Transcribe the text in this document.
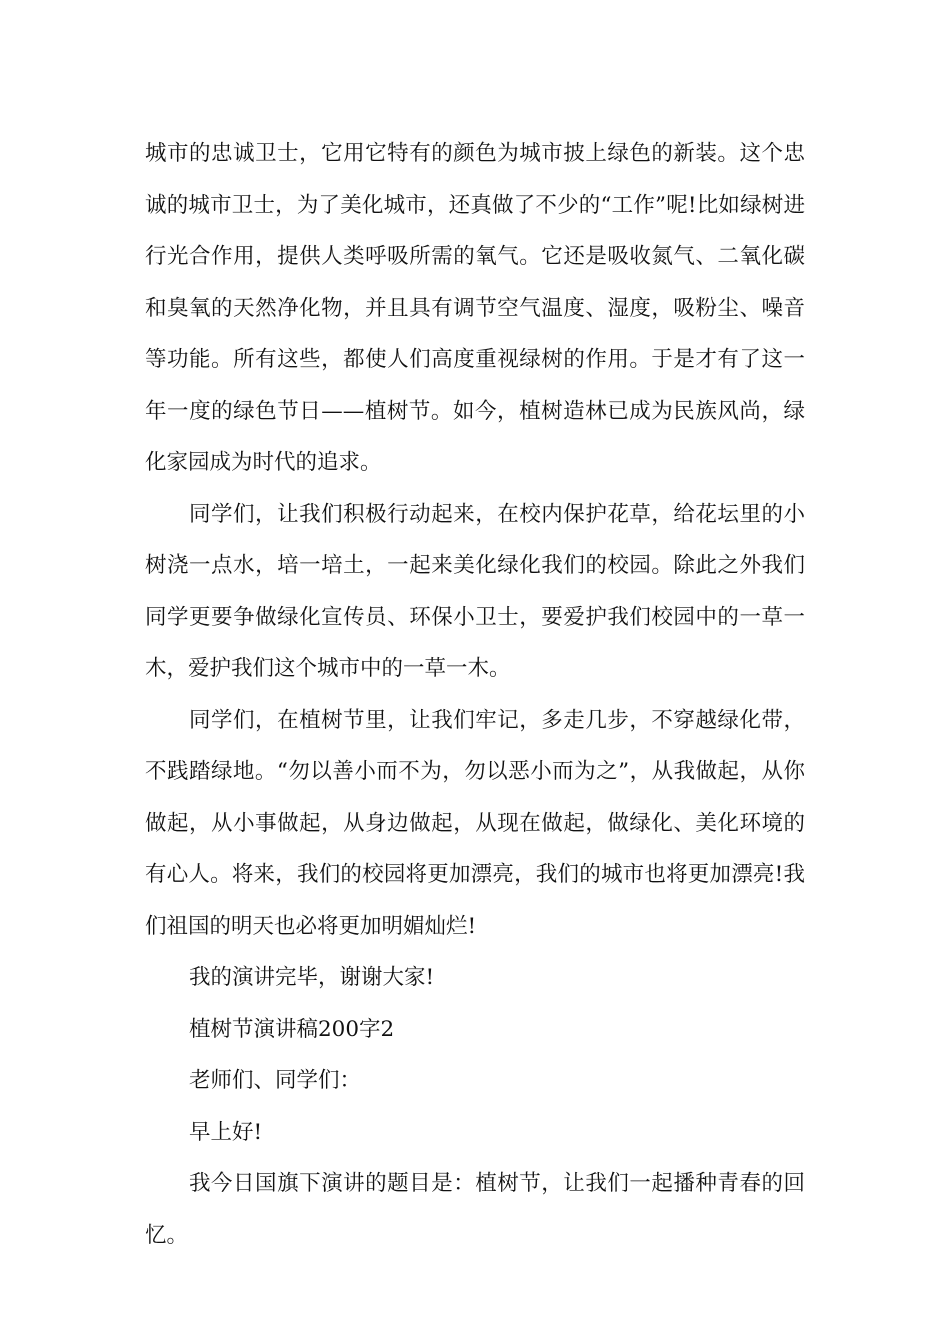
城市的忠诚卫士，它用它特有的颜色为城市披上绿色的新装。这个忠诚的城市卫士，为了美化城市，还真做了不少的“工作”呢!比如绿树进行光合作用，提供人类呼吸所需的氧气。它还是吸收氮气、二氧化碳和臭氧的天然净化物，并且具有调节空气温度、湿度，吸粉尘、噪音等功能。所有这些，都使人们高度重视绿树的作用。于是才有了这一年一度的绿色节日——植树节。如今，植树造林已成为民族风尚，绿化家园成为时代的追求。

同学们，让我们积极行动起来，在校内保护花草，给花坛里的小树浇一点水，培一培土，一起来美化绿化我们的校园。除此之外我们同学更要争做绿化宣传员、环保小卫士，要爱护我们校园中的一草一木，爱护我们这个城市中的一草一木。

同学们，在植树节里，让我们牢记，多走几步，不穿越绿化带，不践踏绿地。“勿以善小而不为，勿以恶小而为之”，从我做起，从你做起，从小事做起，从身边做起，从现在做起，做绿化、美化环境的有心人。将来，我们的校园将更加漂亮，我们的城市也将更加漂亮!我们祖国的明天也必将更加明媚灿烂!

我的演讲完毕，谢谢大家!

植树节演讲稿200字2

老师们、同学们：

早上好!

我今日国旗下演讲的题目是：植树节，让我们一起播种青春的回忆。
